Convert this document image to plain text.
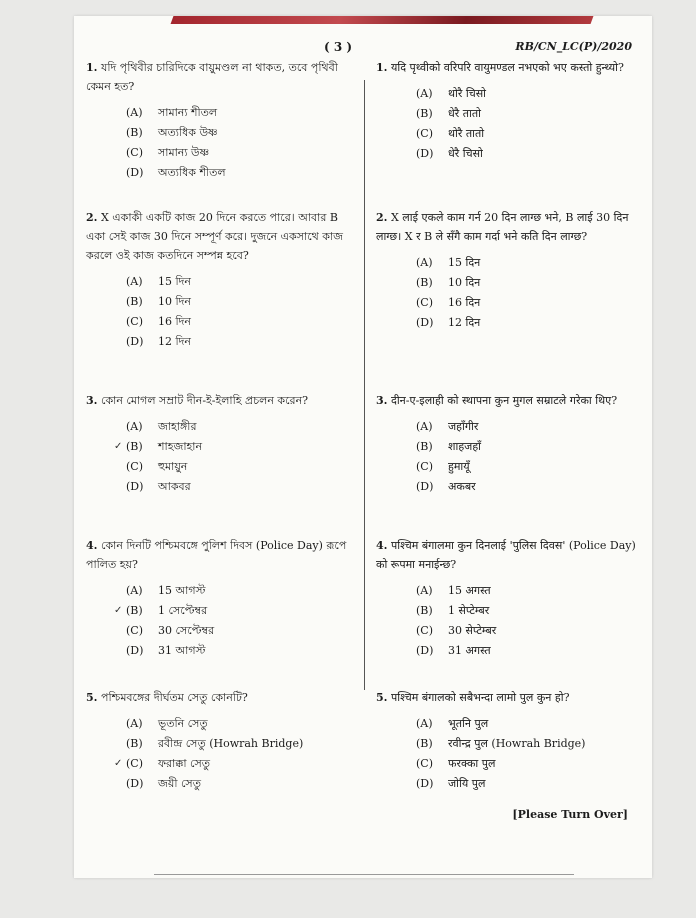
( 3 )	RB/CN_LC(P)/2020

1. যদি পৃথিবীর চারিদিকে বায়ুমণ্ডল না থাকত, তবে পৃথিবী কেমন হত?

(A)	সামান্য শীতল
(B)	অত্যধিক উষ্ণ
(C)	সামান্য উষ্ণ
(D)	অত্যধিক শীতল

2. X একাকী একটি কাজ 20 দিনে করতে পারে। আবার B একা সেই কাজ 30 দিনে সম্পূর্ণ করে। দুজনে একসাথে কাজ করলে ওই কাজ কতদিনে সম্পন্ন হবে?

(A)	15 দিন
(B)	10 দিন
(C)	16 দিন
(D)	12 দিন

3. কোন মোগল সম্রাট দীন-ই-ইলাহি প্রচলন করেন?

(A)	জাহাঙ্গীর
✓ (B)	শাহজাহান
(C)	হুমায়ুন
(D)	আকবর

4. কোন দিনটি পশ্চিমবঙ্গে পুলিশ দিবস (Police Day) রূপে পালিত হয়?

(A)	15 আগস্ট
✓ (B)	1 সেপ্টেম্বর
(C)	30 সেপ্টেম্বর
(D)	31 আগস্ট

5. পশ্চিমবঙ্গের দীর্ঘতম সেতু কোনটি?

(A)	ভূতনি সেতু
(B)	রবীন্দ্র সেতু (Howrah Bridge)
✓ (C)	ফরাক্কা সেতু
(D)	জয়ী সেতু

1. यदि पृथ्वीको वरिपरि वायुमण्डल नभएको भए कस्तो हुन्थ्यो?

(A)	थोरै चिसो
(B)	धेरै तातो
(C)	थोरै तातो
(D)	धेरै चिसो

2. X लाई एकले काम गर्न 20 दिन लाग्छ भने, B लाई 30 दिन लाग्छ। X र B ले सँगै काम गर्दा भने कति दिन लाग्छ?

(A)	15 दिन
(B)	10 दिन
(C)	16 दिन
(D)	12 दिन

3. दीन-ए-इलाही को स्थापना कुन मुगल सम्राटले गरेका थिए?

(A)	जहाँगीर
(B)	शाहजहाँ
(C)	हुमायूँ
(D)	अकबर

4. पश्चिम बंगालमा कुन दिनलाई 'पुलिस दिवस' (Police Day) को रूपमा मनाईन्छ?

(A)	15 अगस्त
(B)	1 सेप्टेम्बर
(C)	30 सेप्टेम्बर
(D)	31 अगस्त

5. पश्चिम बंगालको सबैभन्दा लामो पुल कुन हो?

(A)	भूतनि पुल
(B)	रवीन्द्र पुल (Howrah Bridge)
(C)	फरक्का पुल
(D)	जोयि पुल
[Please Turn Over]
